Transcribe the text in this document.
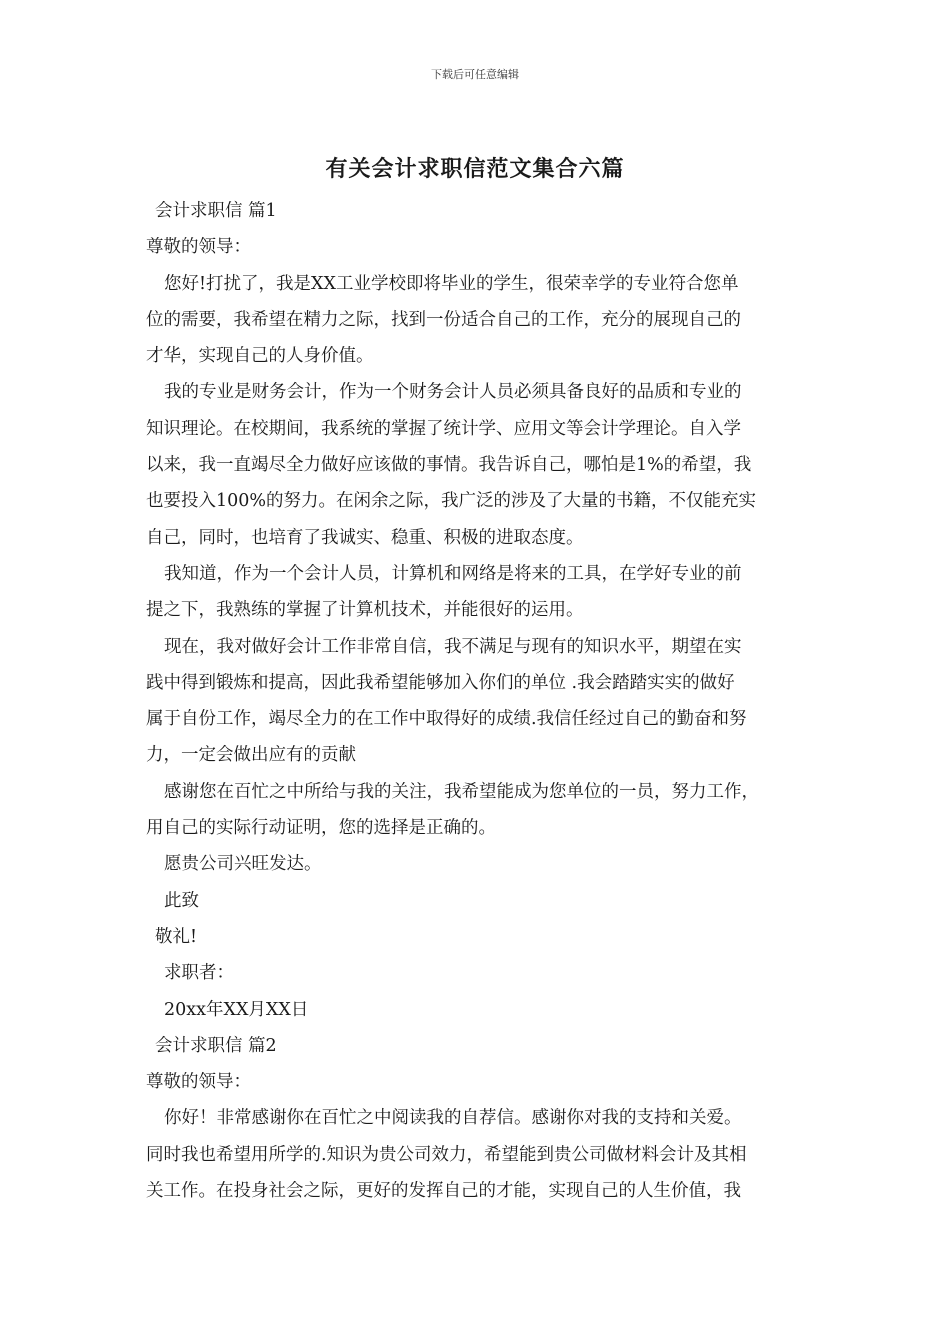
下载后可任意编辑
有关会计求职信范文集合六篇
会计求职信 篇1
尊敬的领导：
您好!打扰了，我是XX工业学校即将毕业的学生，很荣幸学的专业符合您单
位的需要，我希望在精力之际，找到一份适合自己的工作，充分的展现自己的
才华，实现自己的人身价值。
我的专业是财务会计，作为一个财务会计人员必须具备良好的品质和专业的
知识理论。在校期间，我系统的掌握了统计学、应用文等会计学理论。自入学
以来，我一直竭尽全力做好应该做的事情。我告诉自己，哪怕是1%的希望，我
也要投入100%的努力。在闲余之际，我广泛的涉及了大量的书籍，不仅能充实
自己，同时，也培育了我诚实、稳重、积极的进取态度。
我知道，作为一个会计人员，计算机和网络是将来的工具，在学好专业的前
提之下，我熟练的掌握了计算机技术，并能很好的运用。
现在，我对做好会计工作非常自信，我不满足与现有的知识水平，期望在实
践中得到锻炼和提高，因此我希望能够加入你们的单位 .我会踏踏实实的做好
属于自份工作，竭尽全力的在工作中取得好的成绩.我信任经过自己的勤奋和努
力，一定会做出应有的贡献
感谢您在百忙之中所给与我的关注，我希望能成为您单位的一员，努力工作，
用自己的实际行动证明，您的选择是正确的。
愿贵公司兴旺发达。
此致
敬礼!
求职者：
20xx年XX月XX日
会计求职信 篇2
尊敬的领导：
你好！非常感谢你在百忙之中阅读我的自荐信。感谢你对我的支持和关爱。
同时我也希望用所学的.知识为贵公司效力，希望能到贵公司做材料会计及其相
关工作。在投身社会之际，更好的发挥自己的才能，实现自己的人生价值，我
